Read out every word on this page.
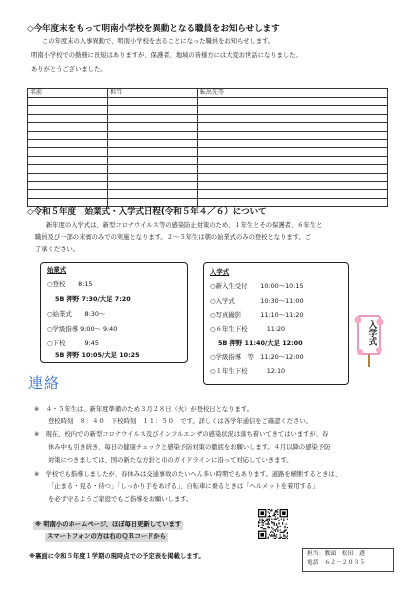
◇今年度末をもって明南小学校を異動となる職員をお知らせします
この年度末の人事異動で、明南小学校を去ることになった職員をお知らせします。
明南小学校での勤務に長短はありますが、保護者、地域の皆様方には大変お世話になりました。
ありがとうございました。
名前	担当	転出先等

◇令和５年度　始業式・入学式日程(令和５年４／６）について
新年度の入学式は、新型コロナウイルス等の感染防止対策のため、１年生とその保護者、６年生と
職員及び一部の来賓のみでの実施となります。２～５年生は朝の始業式のみの登校となります。ご
了承ください。
始業式
○登校　　8:15
5B 押野 7:30/大足 7:20
○始業式　　8:30～
○学級指導 9:00～ 9:40
○下校　　　9:45
5B 押野 10:05/大足 10:25
入学式
○新入生受付　　10:00～10:15
○入学式　　　　10:30～11:00
○写真撮影　　　11:10～11:20
○６年生下校　　　11:20
5B 押野 11:40/大足 12:00
○学級指導　等　11:20～12:00
○１年生下校　　　12:10
入学式
連絡
※　４・５年生は、新年度準備のため３月２８日（火）が登校日となります。
登校時刻　８：４０　下校時刻　１１：５０　です。詳しくは各学年通信をご確認ください。
※　現在、校内での新型コロナウイルス及びインフルエンザの感染状況は落ち着いてきてはいますが、春
休み中も引き続き、毎日の健康チェックと感染予防対策の徹底をお願いします。４月以降の感染予防
対策につきましては、国の新たな方針と市のガイドラインに沿って対応していきます。
※　学校でも指導しましたが、春休みは交通事故のたいへん多い時期でもあります。道路を横断するときは、
「止まる・見る・待つ」「しっかり手をあげる」、自転車に乗るときは「ヘルメットを着用する」
を必ず守るようご家庭でもご指導をお願いします。
※ 明南小のホームページ、ほぼ毎日更新しています
スマートフォンの方は右のＱＲコードから
※裏面に令和５年度１学期の現時点での予定表を掲載します。	担当：教頭　松田　透
電話　６２－２０３５
